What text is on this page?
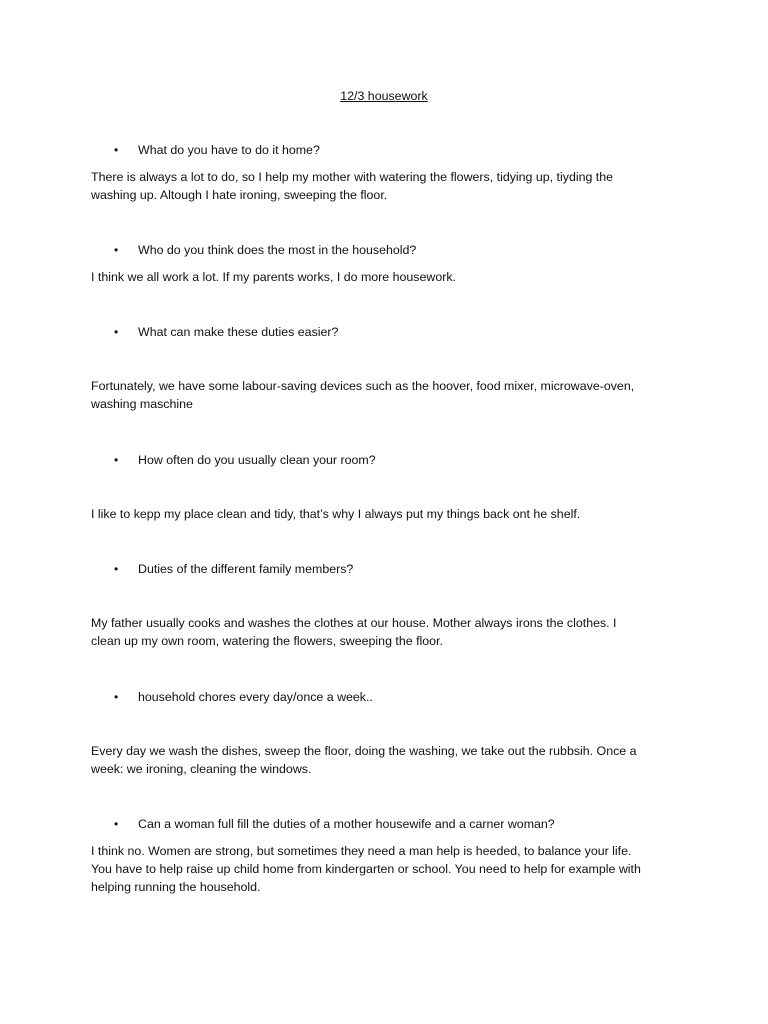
12/3 housework
• What do you have to do it home?
There is always a lot to do, so I help my mother with watering the flowers, tidying up, tiyding the
washing up. Altough I hate ironing, sweeping the floor.
• Who do you think does the most in the household?
I think we all work a lot. If my parents works, I do more housework.
• What can make these duties easier?
Fortunately, we have some labour-saving devices such as the hoover, food mixer, microwave-oven,
washing maschine
• How often do you usually clean your room?
I like to kepp my place clean and tidy, that’s why I always put my things back ont he shelf.
• Duties of the different family members?
My father usually cooks and washes the clothes at our house. Mother always irons the clothes. I
clean up my own room, watering the flowers, sweeping the floor.
• household chores every day/once a week..
Every day we wash the dishes, sweep the floor, doing the washing, we take out the rubbsih. Once a
week: we ironing, cleaning the windows.
• Can a woman full fill the duties of a mother housewife and a carner woman?
I think no. Women are strong, but sometimes they need a man help is heeded, to balance your life.
You have to help raise up child home from kindergarten or school. You need to help for example with
helping running the household.
